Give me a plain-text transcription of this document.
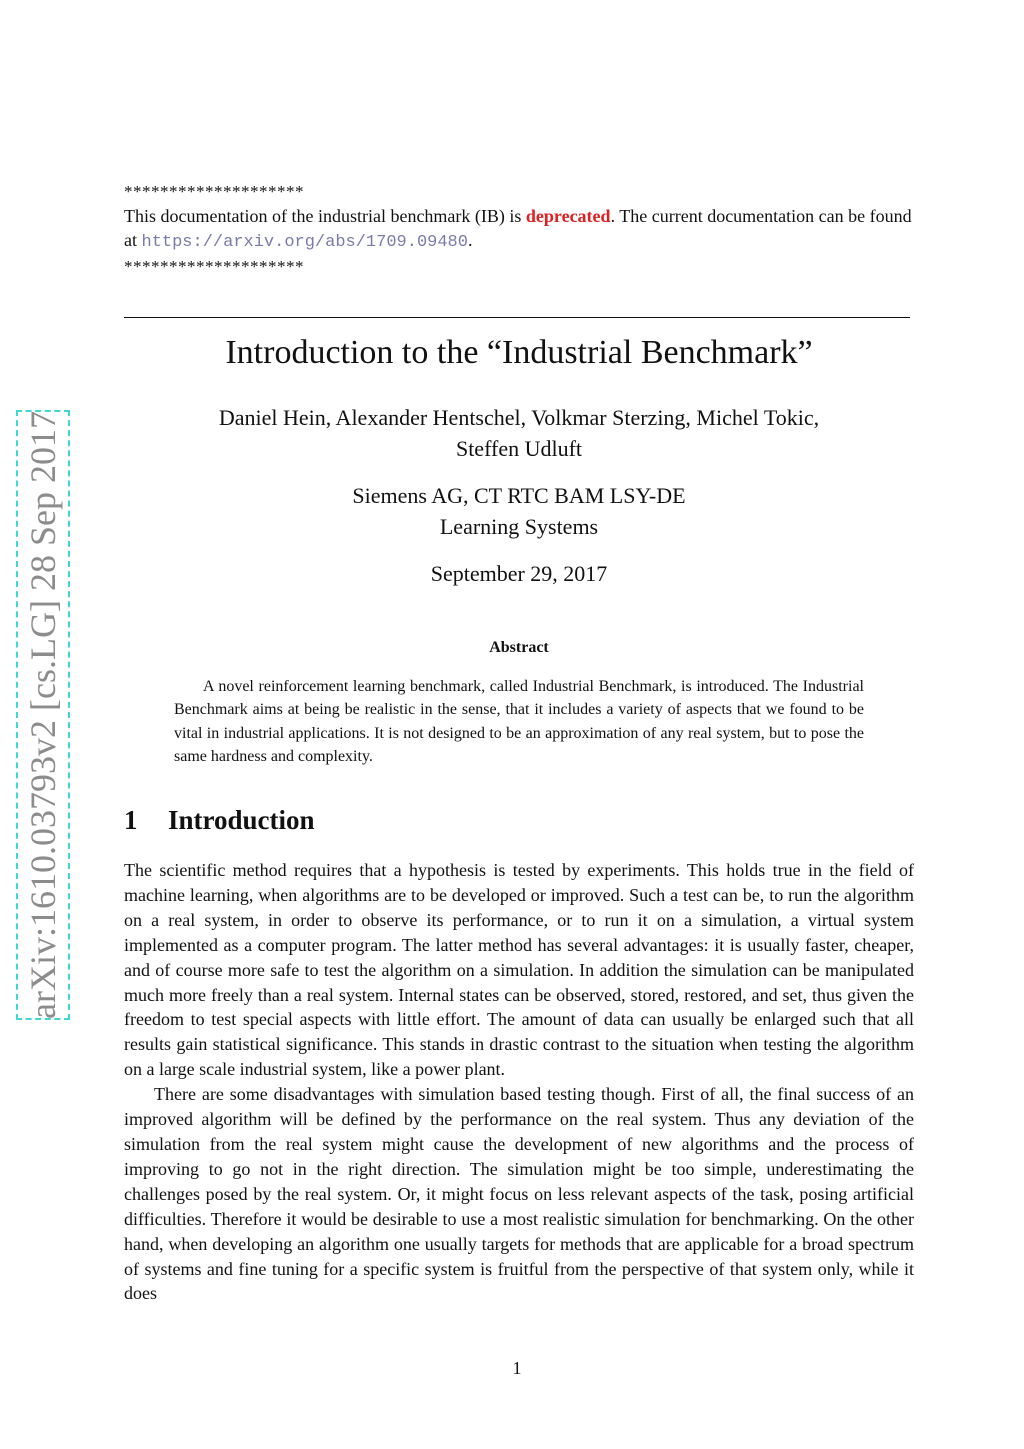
********************
This documentation of the industrial benchmark (IB) is deprecated. The current documentation can be found at https://arxiv.org/abs/1709.09480.
********************
Introduction to the “Industrial Benchmark”
Daniel Hein, Alexander Hentschel, Volkmar Sterzing, Michel Tokic,
Steffen Udluft
Siemens AG, CT RTC BAM LSY-DE
Learning Systems
September 29, 2017
Abstract
A novel reinforcement learning benchmark, called Industrial Benchmark, is introduced. The Industrial Benchmark aims at being be realistic in the sense, that it includes a variety of aspects that we found to be vital in industrial applications. It is not designed to be an approximation of any real system, but to pose the same hardness and complexity.
1 Introduction

The scientific method requires that a hypothesis is tested by experiments. This holds true in the field of machine learning, when algorithms are to be developed or improved. Such a test can be, to run the algorithm on a real system, in order to observe its performance, or to run it on a simulation, a virtual system implemented as a computer program. The latter method has several advantages: it is usually faster, cheaper, and of course more safe to test the algorithm on a simulation. In addition the simulation can be manipulated much more freely than a real system. Internal states can be observed, stored, restored, and set, thus given the freedom to test special aspects with little effort. The amount of data can usually be enlarged such that all results gain statistical significance. This stands in drastic contrast to the situation when testing the algorithm on a large scale industrial system, like a power plant.

There are some disadvantages with simulation based testing though. First of all, the final success of an improved algorithm will be defined by the performance on the real system. Thus any deviation of the simulation from the real system might cause the development of new algorithms and the process of improving to go not in the right direction. The simulation might be too simple, underestimating the challenges posed by the real system. Or, it might focus on less relevant aspects of the task, posing artificial difficulties. Therefore it would be desirable to use a most realistic simulation for benchmarking. On the other hand, when developing an algorithm one usually targets for methods that are applicable for a broad spectrum of systems and fine tuning for a specific system is fruitful from the perspective of that system only, while it does

1
arXiv:1610.03793v2 [cs.LG] 28 Sep 2017
